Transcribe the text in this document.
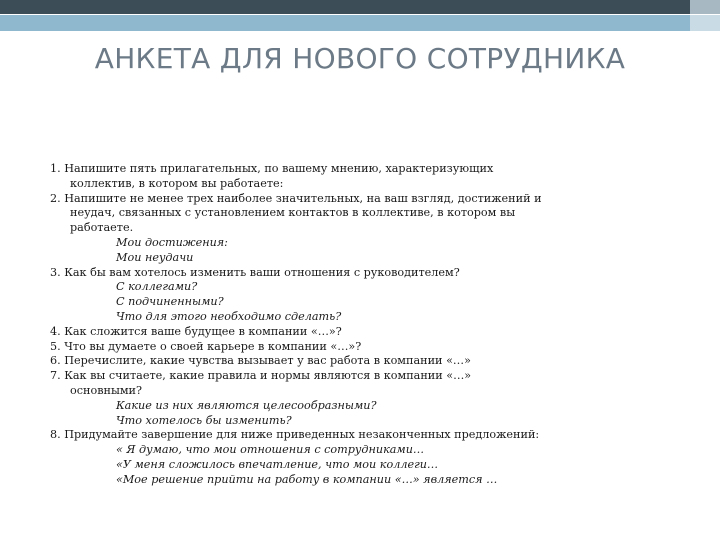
АНКЕТА ДЛЯ НОВОГО СОТРУДНИКА
1. Напишите пять прилагательных, по вашему мнению, характеризующих
коллектив, в котором вы работаете:
2. Напишите не менее трех наиболее значительных, на ваш взгляд, достижений и
неудач, связанных с установлением контактов в коллективе, в котором вы
работаете.
Мои достижения:
Мои неудачи
3. Как бы вам хотелось изменить ваши отношения с руководителем?
С коллегами?
С подчиненными?
Что для этого необходимо сделать?
4. Как сложится ваше будущее в компании «…»?
5. Что вы думаете о своей карьере в компании «…»?
6. Перечислите, какие чувства вызывает у вас работа в компании «…»
7. Как вы считаете, какие правила и нормы являются в компании «…»
основными?
Какие из них являются целесообразными?
Что хотелось бы изменить?
8. Придумайте завершение для ниже приведенных незаконченных предложений:
« Я думаю, что мои отношения с сотрудниками…
«У меня сложилось впечатление, что мои коллеги…
«Мое решение прийти на работу в компании «…» является …
